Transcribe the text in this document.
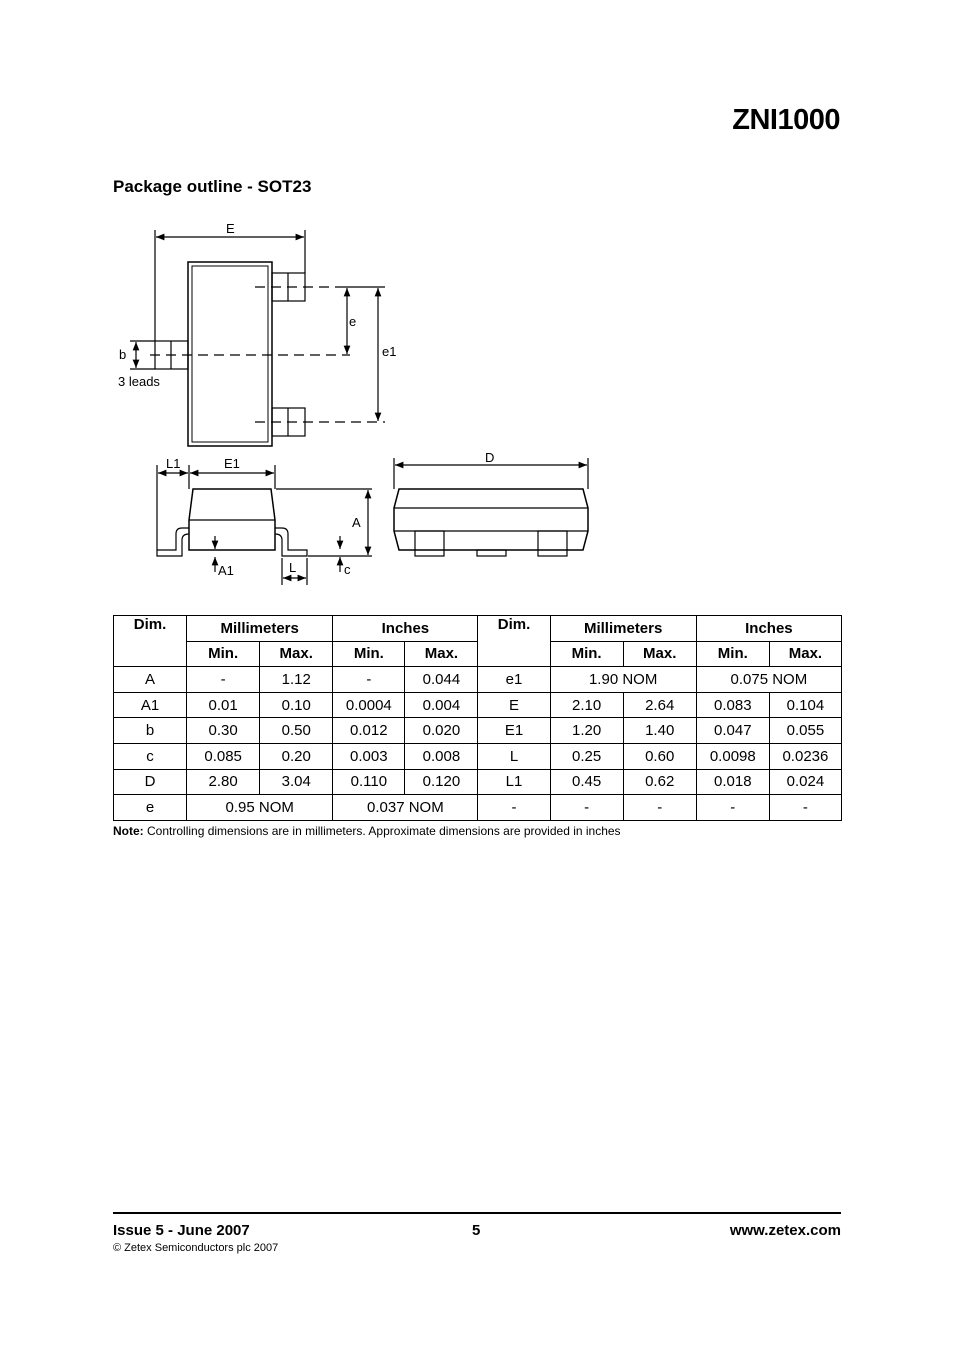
ZNI1000
Package outline - SOT23
E
e
e1
b
3 leads
L1	E1	D
A
A1	L	c
Dim.	Millimeters		Inches		Dim.	Millimeters		Inches	
	Min.	Max.	Min.	Max.		Min.	Max.	Min.	Max.
A	-	1.12	-	0.044	e1	1.90 NOM		0.075 NOM	
A1	0.01	0.10	0.0004	0.004	E	2.10	2.64	0.083	0.104
b	0.30	0.50	0.012	0.020	E1	1.20	1.40	0.047	0.055
c	0.085	0.20	0.003	0.008	L	0.25	0.60	0.0098	0.0236
D	2.80	3.04	0.110	0.120	L1	0.45	0.62	0.018	0.024
e	0.95 NOM		0.037 NOM		-	-	-	-	-
Note: Controlling dimensions are in millimeters. Approximate dimensions are provided in inches
Issue 5 - June 2007	5	www.zetex.com
© Zetex Semiconductors plc 2007
